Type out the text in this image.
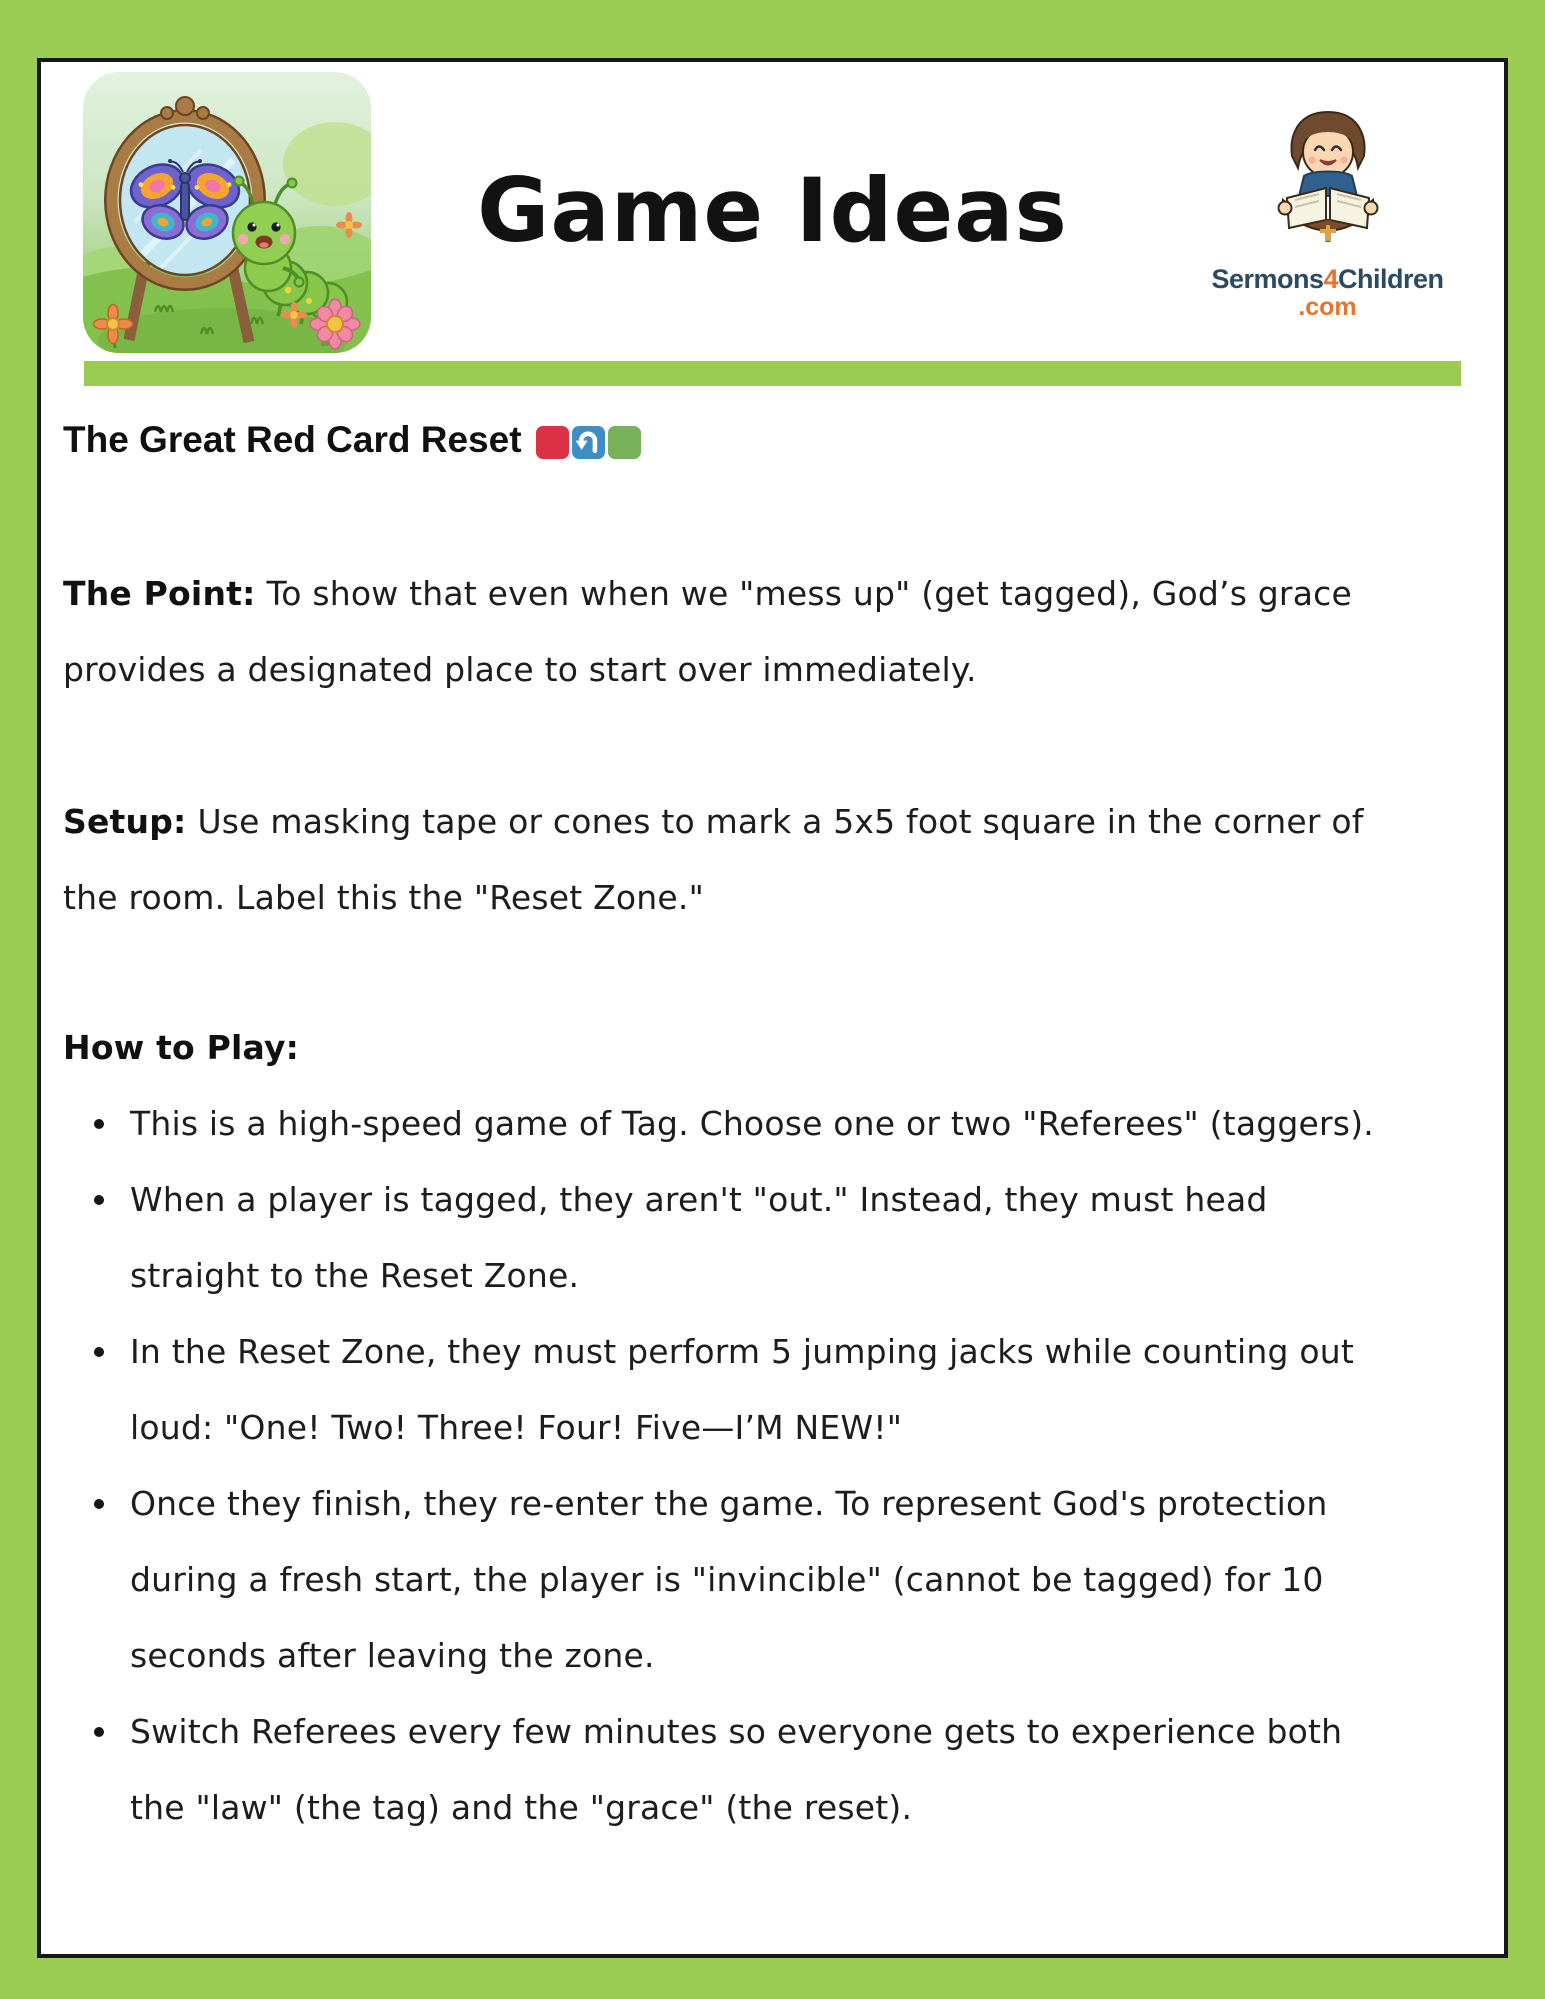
Game Ideas
Sermons4Children
.com
The Great Red Card Reset
The Point: To show that even when we "mess up" (get tagged), God’s grace
provides a designated place to start over immediately.
Setup: Use masking tape or cones to mark a 5x5 foot square in the corner of
the room. Label this the "Reset Zone."
How to Play:
This is a high-speed game of Tag. Choose one or two "Referees" (taggers).
When a player is tagged, they aren't "out." Instead, they must head
straight to the Reset Zone.
In the Reset Zone, they must perform 5 jumping jacks while counting out
loud: "One! Two! Three! Four! Five—I’M NEW!"
Once they finish, they re-enter the game. To represent God's protection
during a fresh start, the player is "invincible" (cannot be tagged) for 10
seconds after leaving the zone.
Switch Referees every few minutes so everyone gets to experience both
the "law" (the tag) and the "grace" (the reset).
